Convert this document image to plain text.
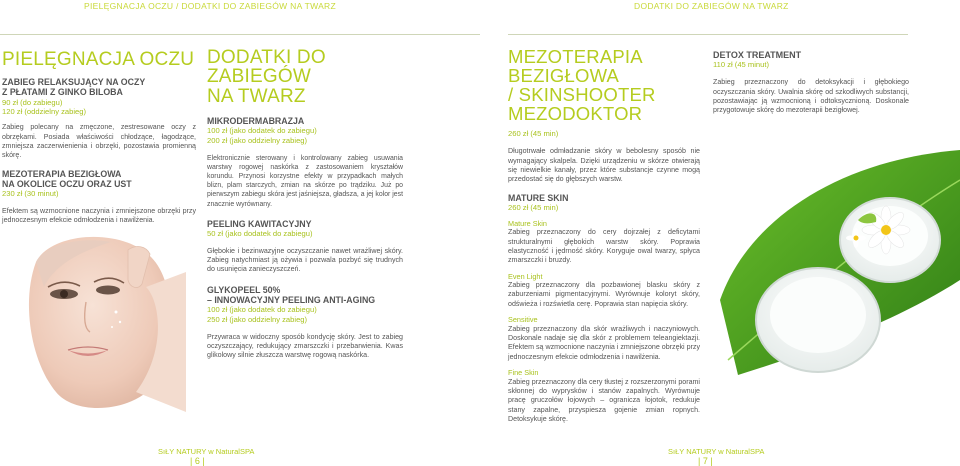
PIELĘGNACJA OCZU / DODATKI DO ZABIEGÓW NA TWARZ	DODATKI DO ZABIEGÓW NA TWARZ
PIELĘGNACJA OCZU
ZABIEG RELAKSUJĄCY NA OCZY
Z PŁATAMI Z GINKO BILOBA
90 zł (do zabiegu)
120 zł (oddzielny zabieg)
Zabieg polecany na zmęczone, zestresowane oczy z obrzękami. Posiada właściwości chłodzące, łagodzące, zmniejsza zaczerwienienia i obrzęki, pozostawia promienną skórę.
MEZOTERAPIA BEZIGŁOWA
NA OKOLICE OCZU ORAZ UST
230 zł (30 minut)
Efektem są wzmocnione naczynia i zmniejszone obrzęki przy jednoczesnym efekcie odmłodzenia i nawilżenia.
DODATKI DO ZABIEGÓW
NA TWARZ
MIKRODERMABRAZJA
100 zł (jako dodatek do zabiegu)
200 zł (jako oddzielny zabieg)
Elektronicznie sterowany i kontrolowany zabieg usuwania warstwy rogowej naskórka z zastosowaniem kryształów korundu. Przynosi korzystne efekty w przypadkach małych blizn, plam starczych, zmian na skórze po trądziku. Już po pierwszym zabiegu skóra jest jaśniejsza, gładsza, a jej kolor jest znacznie wyrównany.
PEELING KAWITACYJNY
50 zł (jako dodatek do zabiegu)
Głębokie i bezinwazyjne oczyszczanie nawet wrażliwej skóry. Zabieg natychmiast ją ożywia i pozwala pozbyć się trudnych do usunięcia zanieczyszczeń.
GLYKOPEEL 50%
– INNOWACYJNY PEELING ANTI-AGING
100 zł (jako dodatek do zabiegu)
250 zł (jako oddzielny zabieg)
Przywraca w widoczny sposób kondycję skóry. Jest to zabieg oczyszczający, redukujący zmarszczki i przebarwienia. Kwas glikolowy silnie złuszcza warstwę rogową naskórka.
MEZOTERAPIA
BEZIGŁOWA
/ SKINSHOOTER
MEZODOKTOR
260 zł (45 min)
Długotrwałe odmładzanie skóry w bebolesny sposób nie wymagający skalpela. Dzięki urządzeniu w skórze otwierają się niewielkie kanały, przez które substancje czynne mogą przedostać się do głębszych warstw.
MATURE SKIN
260 zł (45 min)
Mature Skin
Zabieg przeznaczony do cery dojrzałej z deficytami strukturalnymi głębokich warstw skóry. Poprawia elastyczność i jędrność skóry. Koryguje owal twarzy, spłyca zmarszczki i bruzdy.
Even Light
Zabieg przeznaczony dla pozbawionej blasku skóry z zaburzeniami pigmentacyjnymi. Wyrównuje koloryt skóry, odświeża i rozświetla cerę. Poprawia stan napięcia skóry.
Sensitive
Zabieg przeznaczony dla skór wrażliwych i naczyniowych. Doskonale nadaje się dla skór z problemem teleangiektazji. Efektem są wzmocnione naczynia i zmniejszone obrzęki przy jednoczesnym efekcie odmłodzenia i nawilżenia.
Fine Skin
Zabieg przeznaczony dla cery tłustej z rozszerzonymi porami skłonnej do wyprysków i stanów zapalnych. Wyrównuje pracę gruczołów łojowych – ogranicza łojotok, redukuje stany zapalne, przyspiesza gojenie zmian ropnych. Detoksykuje skórę.
DETOX TREATMENT
110 zł (45 minut)
Zabieg przeznaczony do detoksykacji i głębokiego oczyszczania skóry. Uwalnia skórę od szkodliwych substancji, pozostawiając ją wzmocnioną i odtoksycznioną. Doskonale przygotowuje skórę do mezoterapii bezigłowej.
SıŁY NATURY w NaturalSPA
| 6 |
SıŁY NATURY w NaturalSPA
| 7 |
